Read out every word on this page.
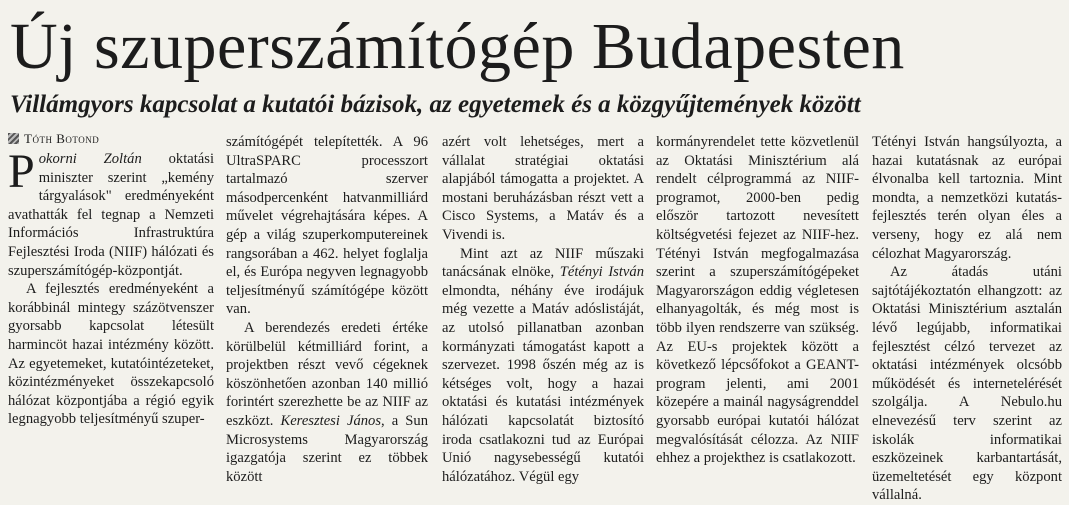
Új szuperszámítógép Budapesten
Villámgyors kapcsolat a kutatói bázisok, az egyetemek és a közgyűjtemények között
Tóth Botond

Pokorni Zoltán oktatási miniszter szerint „kemény tárgyalások" eredményeként avathatták fel tegnap a Nemzeti Információs Infrastruktúra Fejlesztési Iroda (NIIF) hálózati és szuperszámítógép-központját.

A fejlesztés eredményeként a korábbinál mintegy százötvenszer gyorsabb kapcsolat létesült harmincöt hazai intézmény között. Az egyetemeket, kutatóintézeteket, közintézményeket összekapcsoló hálózat központjába a régió egyik legnagyobb teljesítményű szuper-

számítógépét telepítették. A 96 UltraSPARC processzort tartalmazó szerver másodpercenként hatvanmilliárd művelet végrehajtására képes. A gép a világ szuperkomputereinek rangsorában a 462. helyet foglalja el, és Európa negyven legnagyobb teljesítményű számítógépe között van.

A berendezés eredeti értéke körülbelül kétmilliárd forint, a projektben részt vevő cégeknek köszönhetően azonban 140 millió forintért szerezhette be az NIIF az eszközt. Keresztesi János, a Sun Microsystems Magyarország igazgatója szerint ez többek között

azért volt lehetséges, mert a vállalat stratégiai oktatási alapjából támogatta a projektet. A mostani beruházásban részt vett a Cisco Systems, a Matáv és a Vivendi is.

Mint azt az NIIF műszaki tanácsának elnöke, Tétényi István elmondta, néhány éve irodájuk még vezette a Matáv adóslistáját, az utolsó pillanatban azonban kormányzati támogatást kapott a szervezet. 1998 őszén még az is kétséges volt, hogy a hazai oktatási és kutatási intézmények hálózati kapcsolatát biztosító iroda csatlakozni tud az Európai Unió nagysebességű kutatói hálózatához. Végül egy

kormányrendelet tette közvetlenül az Oktatási Minisztérium alá rendelt célprogrammá az NIIF-programot, 2000-ben pedig először tartozott nevesített költségvetési fejezet az NIIF-hez. Tétényi István megfogalmazása szerint a szuperszámítógépeket Magyarországon eddig végletesen elhanyagolták, és még most is több ilyen rendszerre van szükség. Az EU-s projektek között a következő lépcsőfokot a GEANT-program jelenti, ami 2001 közepére a mainál nagyságrenddel gyorsabb európai kutatói hálózat megvalósítását célozza. Az NIIF ehhez a projekthez is csatlakozott.

Tétényi István hangsúlyozta, a hazai kutatásnak az európai élvonalba kell tartoznia. Mint mondta, a nemzetközi kutatás-fejlesztés terén olyan éles a verseny, hogy ez alá nem célozhat Magyarország.

Az átadás utáni sajtótájékoztatón elhangzott: az Oktatási Minisztérium asztalán lévő legújabb, informatikai fejlesztést célzó tervezet az oktatási intézmények olcsóbb működését és internetelérését szolgálja. A Nebulo.hu elnevezésű terv szerint az iskolák informatikai eszközeinek karbantartását, üzemeltetését egy központ vállalná.
